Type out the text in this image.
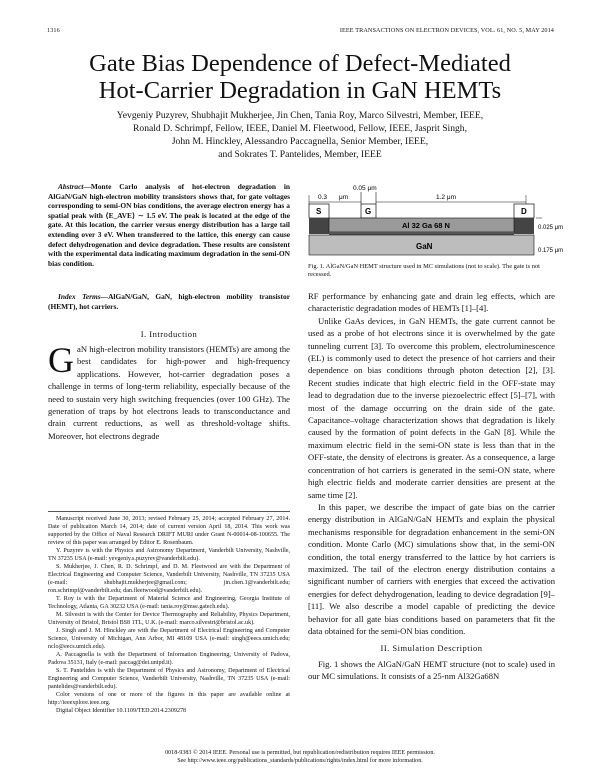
1316	IEEE TRANSACTIONS ON ELECTRON DEVICES, VOL. 61, NO. 5, MAY 2014
Gate Bias Dependence of Defect-Mediated
Hot-Carrier Degradation in GaN HEMTs
Yevgeniy Puzyrev, Shubhajit Mukherjee, Jin Chen, Tania Roy, Marco Silvestri, Member, IEEE,
Ronald D. Schrimpf, Fellow, IEEE, Daniel M. Fleetwood, Fellow, IEEE, Jasprit Singh,
John M. Hinckley, Alessandro Paccagnella, Senior Member, IEEE,
and Sokrates T. Pantelides, Member, IEEE
Abstract—Monte Carlo analysis of hot-electron degradation in AlGaN/GaN high-electron mobility transistors shows that, for gate voltages corresponding to semi-ON bias conditions, the average electron energy has a spatial peak with ⟨E_AVE⟩ ∼ 1.5 eV. The peak is located at the edge of the gate. At this location, the carrier versus energy distribution has a large tail extending over 3 eV. When transferred to the lattice, this energy can cause defect dehydrogenation and device degradation. These results are consistent with the experimental data indicating maximum degradation in the semi-ON bias condition.
Index Terms—AlGaN/GaN, GaN, high-electron mobility transistor (HEMT), hot carriers.
I. Introduction
GaN high-electron mobility transistors (HEMTs) are among the best candidates for high-power and high-frequency applications. However, hot-carrier degradation poses a challenge in terms of long-term reliability, especially because of the need to sustain very high switching frequencies (over 100 GHz). The generation of traps by hot electrons leads to transconductance and drain current reductions, as well as threshold-voltage shifts. Moreover, hot electrons degrade

Manuscript received June 30, 2013; revised February 25, 2014; accepted February 27, 2014. Date of publication March 14, 2014; date of current version April 18, 2014. This work was supported by the Office of Naval Research DRIFT MURI under Grant N-00014-08-100655. The review of this paper was arranged by Editor E. Rosenbaum.

Y. Puzyrev is with the Physics and Astronomy Department, Vanderbilt University, Nashville, TN 37235 USA (e-mail: yevgeniy.s.puzyrev@vanderbilt.edu).

S. Mukherjee, J. Chen, R. D. Schrimpf, and D. M. Fleetwood are with the Department of Electrical Engineering and Computer Science, Vanderbilt University, Nashville, TN 37235 USA (e-mail: shubhajit.mukherjee@gmail.com; jin.chen.1@vanderbilt.edu; ron.schrimpf@vanderbilt.edu; dan.fleetwood@vanderbilt.edu).

T. Roy is with the Department of Material Science and Engineering, Georgia Institute of Technology, Atlanta, GA 30232 USA (e-mail: tania.roy@mse.gatech.edu).

M. Silvestri is with the Center for Device Thermography and Reliability, Physics Department, University of Bristol, Bristol BS8 1TL, U.K. (e-mail: marco.silvestri@bristol.ac.uk).

J. Singh and J. M. Hinckley are with the Department of Electrical Engineering and Computer Science, University of Michigan, Ann Arbor, MI 48109 USA (e-mail: singh@eecs.umich.edu; nclo@eecs.umich.edu).

A. Paccagnella is with the Department of Information Engineering, University of Padova, Padova 35131, Italy (e-mail: paccag@dei.unipd.it).

S. T. Pantelides is with the Department of Physics and Astronomy, Department of Electrical Engineering and Computer Science, Vanderbilt University, Nashville, TN 37235 USA (e-mail: pantelides@vanderbilt.edu).

Color versions of one or more of the figures in this paper are available online at http://ieeexplore.ieee.org.

Digital Object Identifier 10.1109/TED.2014.2309278

0.05 μm
0.3 μm	1.2 μm
S	G	D
Al 32 Ga 68 N
GaN
0.025 μm
0.175 μm
Fig. 1. AlGaN/GaN HEMT structure used in MC simulations (not to scale). The gate is not recessed.

RF performance by enhancing gate and drain leg effects, which are characteristic degradation modes of HEMTs [1]–[4].

Unlike GaAs devices, in GaN HEMTs, the gate current cannot be used as a probe of hot electrons since it is overwhelmed by the gate tunneling current [3]. To overcome this problem, electroluminescence (EL) is commonly used to detect the presence of hot carriers and their dependence on bias conditions through photon detection [2], [3]. Recent studies indicate that high electric field in the OFF-state may lead to degradation due to the inverse piezoelectric effect [5]–[7], with most of the damage occurring on the drain side of the gate. Capacitance–voltage characterization shows that degradation is likely caused by the formation of point defects in the GaN [8]. While the maximum electric field in the semi-ON state is less than that in the OFF-state, the density of electrons is greater. As a consequence, a large concentration of hot carriers is generated in the semi-ON state, where high electric fields and moderate carrier densities are present at the same time [2].

In this paper, we describe the impact of gate bias on the carrier energy distribution in AlGaN/GaN HEMTs and explain the physical mechanisms responsible for degradation enhancement in the semi-ON condition. Monte Carlo (MC) simulations show that, in the semi-ON condition, the total energy transferred to the lattice by hot carriers is maximized. The tail of the electron energy distribution contains a significant number of carriers with energies that exceed the activation energies for defect dehydrogenation, leading to device degradation [9]–[11]. We also describe a model capable of predicting the device behavior for all gate bias conditions based on parameters that fit the data obtained for the semi-ON bias condition.

II. Simulation Description

Fig. 1 shows the AlGaN/GaN HEMT structure (not to scale) used in our MC simulations. It consists of a 25-nm Al32Ga68N

0018-9383 © 2014 IEEE. Personal use is permitted, but republication/redistribution requires IEEE permission.
See http://www.ieee.org/publications_standards/publications/rights/index.html for more information.
